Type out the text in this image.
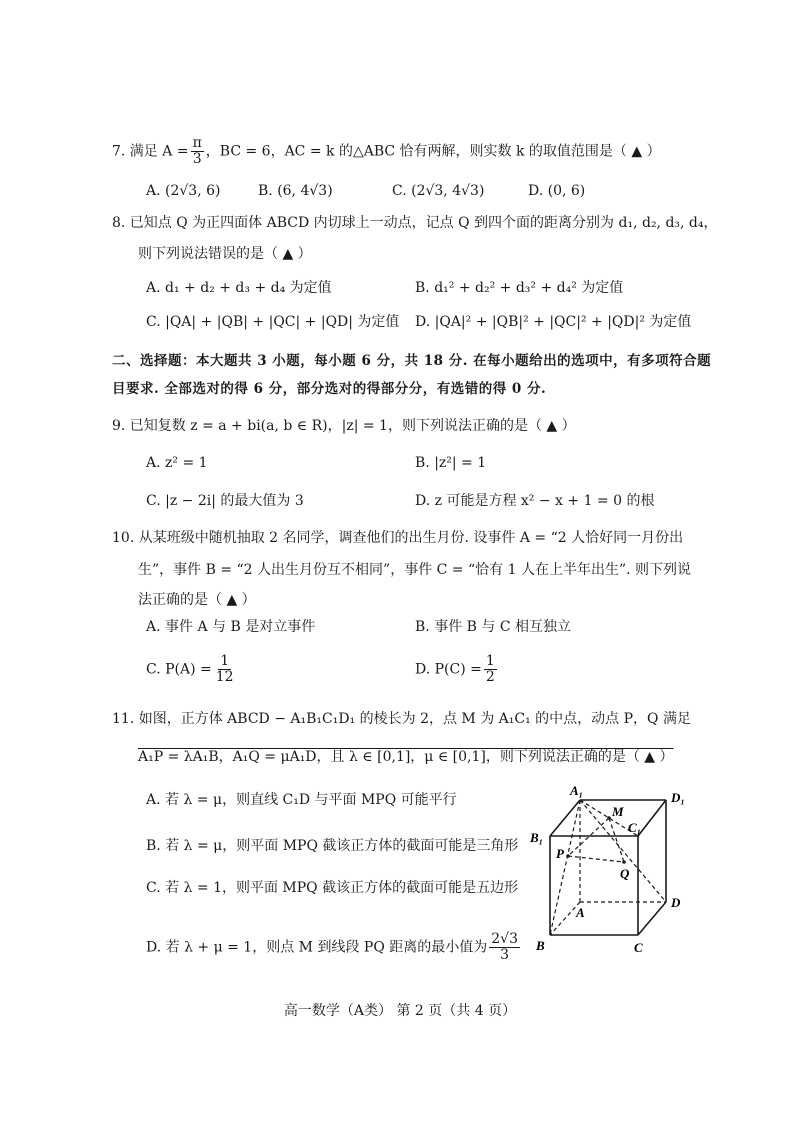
7. 满足 $A = \frac{\pi}{3}$ ，BC = 6，AC = k 的△ABC 恰有两解，则实数 k 的取值范围是（ ▲ ）
A. (2√3, 6)	B. (6, 4√3)	C. (2√3, 4√3)	D. (0, 6)
8. 已知点 Q 为正四面体 ABCD 内切球上一动点，记点 Q 到四个面的距离分别为 d₁, d₂, d₃, d₄，
则下列说法错误的是（ ▲ ）
A. d₁ + d₂ + d₃ + d₄ 为定值	B. d₁² + d₂² + d₃² + d₄² 为定值
C. |QA| + |QB| + |QC| + |QD| 为定值 D. |QA|² + |QB|² + |QC|² + |QD|² 为定值
二、选择题：本大题共 3 小题，每小题 6 分，共 18 分. 在每小题给出的选项中，有多项符合题
目要求. 全部选对的得 6 分，部分选对的得部分分，有选错的得 0 分.
9. 已知复数 z = a + bi(a, b ∈ R)，|z| = 1，则下列说法正确的是（ ▲ ）
A. z² = 1	B. |z²| = 1
C. |z − 2i| 的最大值为 3	D. z 可能是方程 x² − x + 1 = 0 的根
10. 从某班级中随机抽取 2 名同学，调查他们的出生月份. 设事件 A = “2 人恰好同一月份出
生”，事件 B = “2 人出生月份互不相同”，事件 C = “恰有 1 人在上半年出生”. 则下列说
法正确的是（ ▲ ）
A. 事件 A 与 B 是对立事件	B. 事件 B 与 C 相互独立
C. $P(A) = \frac{1}{12}$	D. $P(C) = \frac{1}{2}$
11. 如图，正方体 ABCD − A₁B₁C₁D₁ 的棱长为 2，点 M 为 A₁C₁ 的中点，动点 P，Q 满足
A₁P = λA₁B，A₁Q = μA₁D，且 λ ∈ [0,1]，μ ∈ [0,1]，则下列说法正确的是（ ▲ ）
A. 若 λ = μ，则直线 C₁D 与平面 MPQ 可能平行
B. 若 λ = μ，则平面 MPQ 截该正方体的截面可能是三角形
C. 若 λ = 1，则平面 MPQ 截该正方体的截面可能是五边形
D. 若 λ + μ = 1，则点 M 到线段 PQ 距离的最小值为 $\frac{2√3}{3}$
A₁	D₁
B₁
C₁
M
P
Q
A
B	C
D
高一数学（A类） 第 2 页（共 4 页）
